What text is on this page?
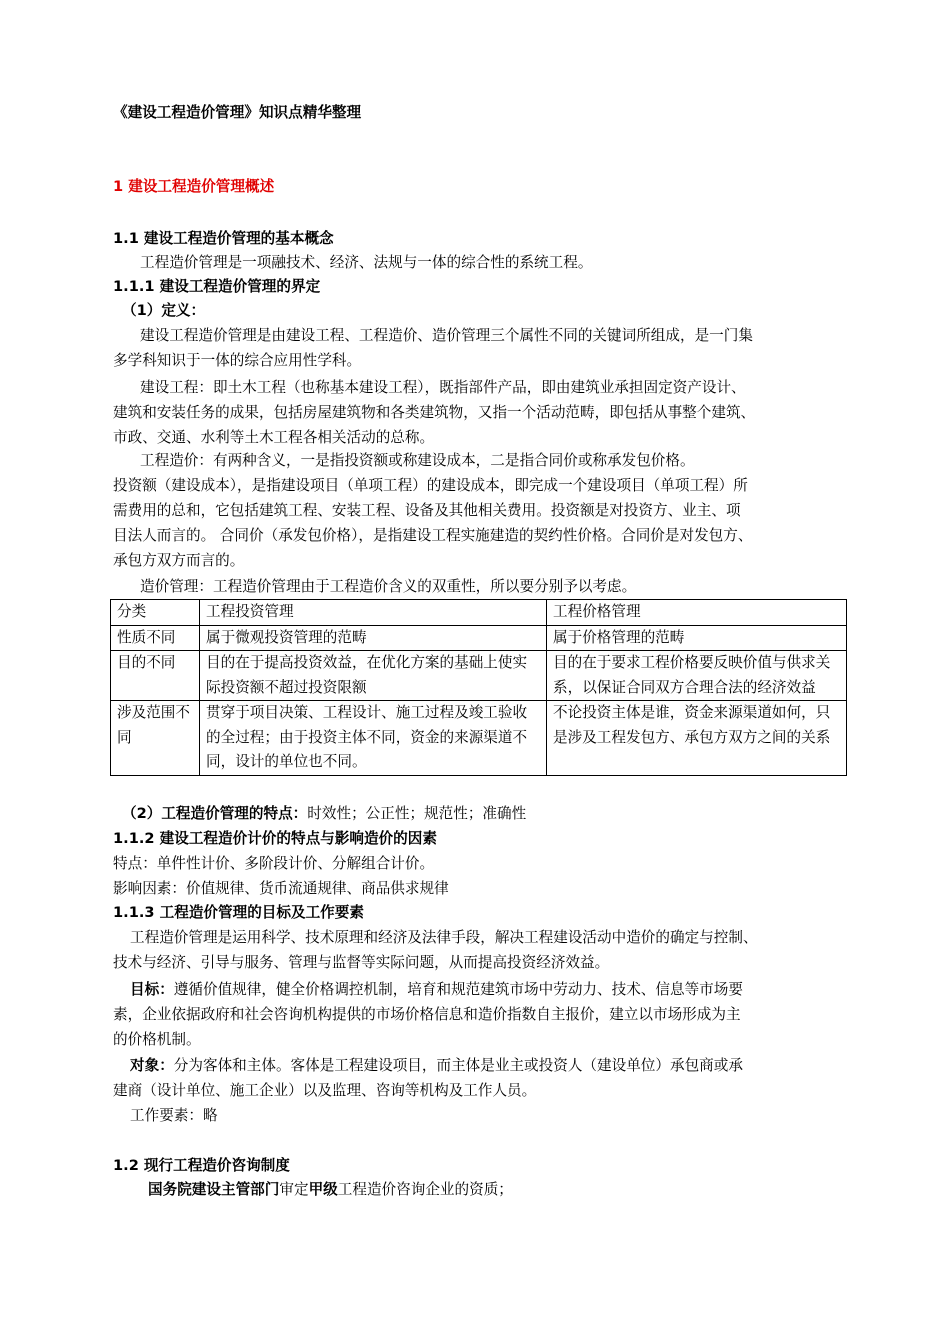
《建设工程造价管理》知识点精华整理
1 建设工程造价管理概述
1.1 建设工程造价管理的基本概念
工程造价管理是一项融技术、经济、法规与一体的综合性的系统工程。
1.1.1 建设工程造价管理的界定
（1）定义：
建设工程造价管理是由建设工程、工程造价、造价管理三个属性不同的关键词所组成，是一门集
多学科知识于一体的综合应用性学科。
建设工程：即土木工程（也称基本建设工程），既指部件产品，即由建筑业承担固定资产设计、
建筑和安装任务的成果，包括房屋建筑物和各类建筑物，又指一个活动范畴，即包括从事整个建筑、
市政、交通、水利等土木工程各相关活动的总称。
工程造价：有两种含义，一是指投资额或称建设成本，二是指合同价或称承发包价格。
投资额（建设成本），是指建设项目（单项工程）的建设成本，即完成一个建设项目（单项工程）所
需费用的总和，它包括建筑工程、安装工程、设备及其他相关费用。投资额是对投资方、业主、项
目法人而言的。 合同价（承发包价格），是指建设工程实施建造的契约性价格。合同价是对发包方、
承包方双方而言的。
造价管理：工程造价管理由于工程造价含义的双重性，所以要分别予以考虑。
分类	工程投资管理	工程价格管理
性质不同	属于微观投资管理的范畴	属于价格管理的范畴
目的不同	目的在于提高投资效益，在优化方案的基础上使实际投资额不超过投资限额	目的在于要求工程价格要反映价值与供求关系，以保证合同双方合理合法的经济效益
涉及范围不同	贯穿于项目决策、工程设计、施工过程及竣工验收的全过程；由于投资主体不同，资金的来源渠道不同，设计的单位也不同。	不论投资主体是谁，资金来源渠道如何，只是涉及工程发包方、承包方双方之间的关系
（2）工程造价管理的特点：时效性；公正性；规范性；准确性
1.1.2 建设工程造价计价的特点与影响造价的因素
特点：单件性计价、多阶段计价、分解组合计价。
影响因素：价值规律、货币流通规律、商品供求规律
1.1.3 工程造价管理的目标及工作要素
工程造价管理是运用科学、技术原理和经济及法律手段，解决工程建设活动中造价的确定与控制、
技术与经济、引导与服务、管理与监督等实际问题，从而提高投资经济效益。
目标：遵循价值规律，健全价格调控机制，培育和规范建筑市场中劳动力、技术、信息等市场要
素，企业依据政府和社会咨询机构提供的市场价格信息和造价指数自主报价，建立以市场形成为主
的价格机制。
对象：分为客体和主体。客体是工程建设项目，而主体是业主或投资人（建设单位）承包商或承
建商（设计单位、施工企业）以及监理、咨询等机构及工作人员。
工作要素：略
1.2 现行工程造价咨询制度
国务院建设主管部门审定甲级工程造价咨询企业的资质；
